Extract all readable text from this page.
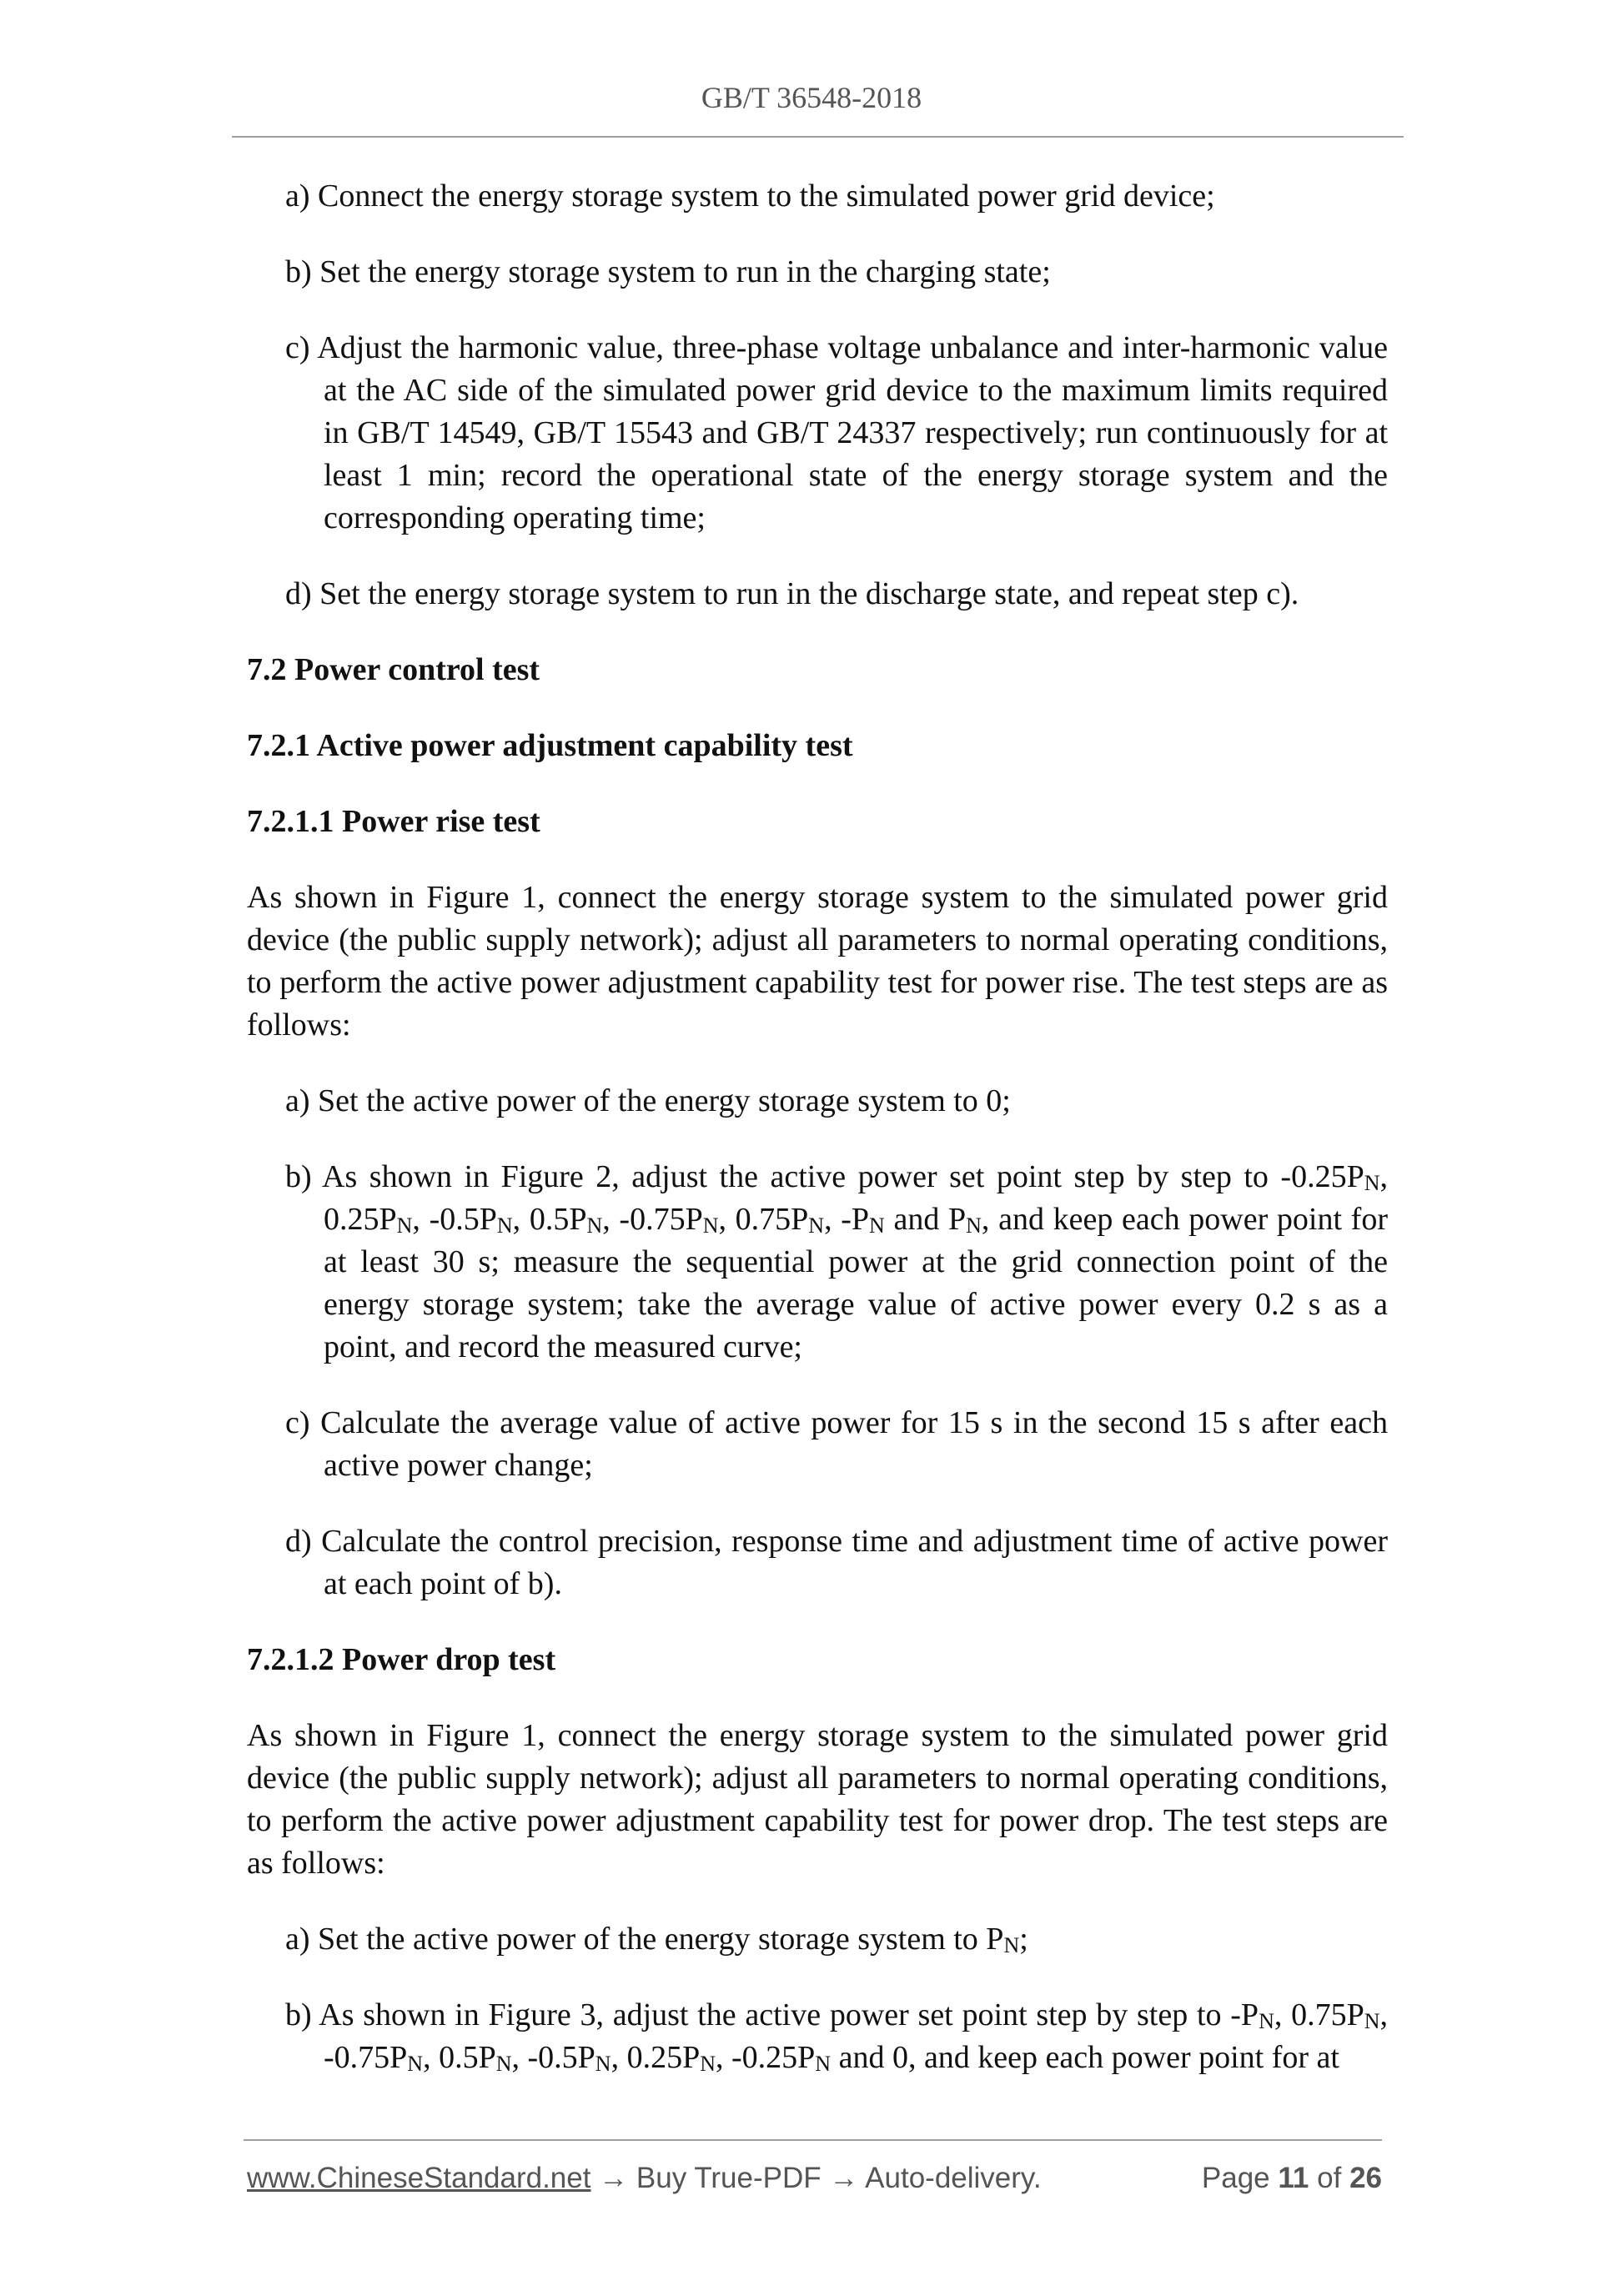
GB/T 36548-2018

a) Connect the energy storage system to the simulated power grid device;

b) Set the energy storage system to run in the charging state;

c) Adjust the harmonic value, three-phase voltage unbalance and inter-harmonic value at the AC side of the simulated power grid device to the maximum limits required in GB/T 14549, GB/T 15543 and GB/T 24337 respectively; run continuously for at least 1 min; record the operational state of the energy storage system and the corresponding operating time;

d) Set the energy storage system to run in the discharge state, and repeat step c).

7.2 Power control test

7.2.1 Active power adjustment capability test

7.2.1.1 Power rise test

As shown in Figure 1, connect the energy storage system to the simulated power grid device (the public supply network); adjust all parameters to normal operating conditions, to perform the active power adjustment capability test for power rise. The test steps are as follows:

a) Set the active power of the energy storage system to 0;

b) As shown in Figure 2, adjust the active power set point step by step to $-0.25P_N$, $0.25P_N$, $-0.5P_N$, $0.5P_N$, $-0.75P_N$, $0.75P_N$, $-P_N$ and $P_N$, and keep each power point for at least 30 s; measure the sequential power at the grid connection point of the energy storage system; take the average value of active power every 0.2 s as a point, and record the measured curve;

c) Calculate the average value of active power for 15 s in the second 15 s after each active power change;

d) Calculate the control precision, response time and adjustment time of active power at each point of b).

7.2.1.2 Power drop test

As shown in Figure 1, connect the energy storage system to the simulated power grid device (the public supply network); adjust all parameters to normal operating conditions, to perform the active power adjustment capability test for power drop. The test steps are as follows:

a) Set the active power of the energy storage system to $P_N$;

b) As shown in Figure 3, adjust the active power set point step by step to $-P_N$, $0.75P_N$, $-0.75P_N$, $0.5P_N$, $-0.5P_N$, $0.25P_N$, $-0.25P_N$ and 0, and keep each power point for at

www.ChineseStandard.net → Buy True-PDF → Auto-delivery.	Page 11 of 26
